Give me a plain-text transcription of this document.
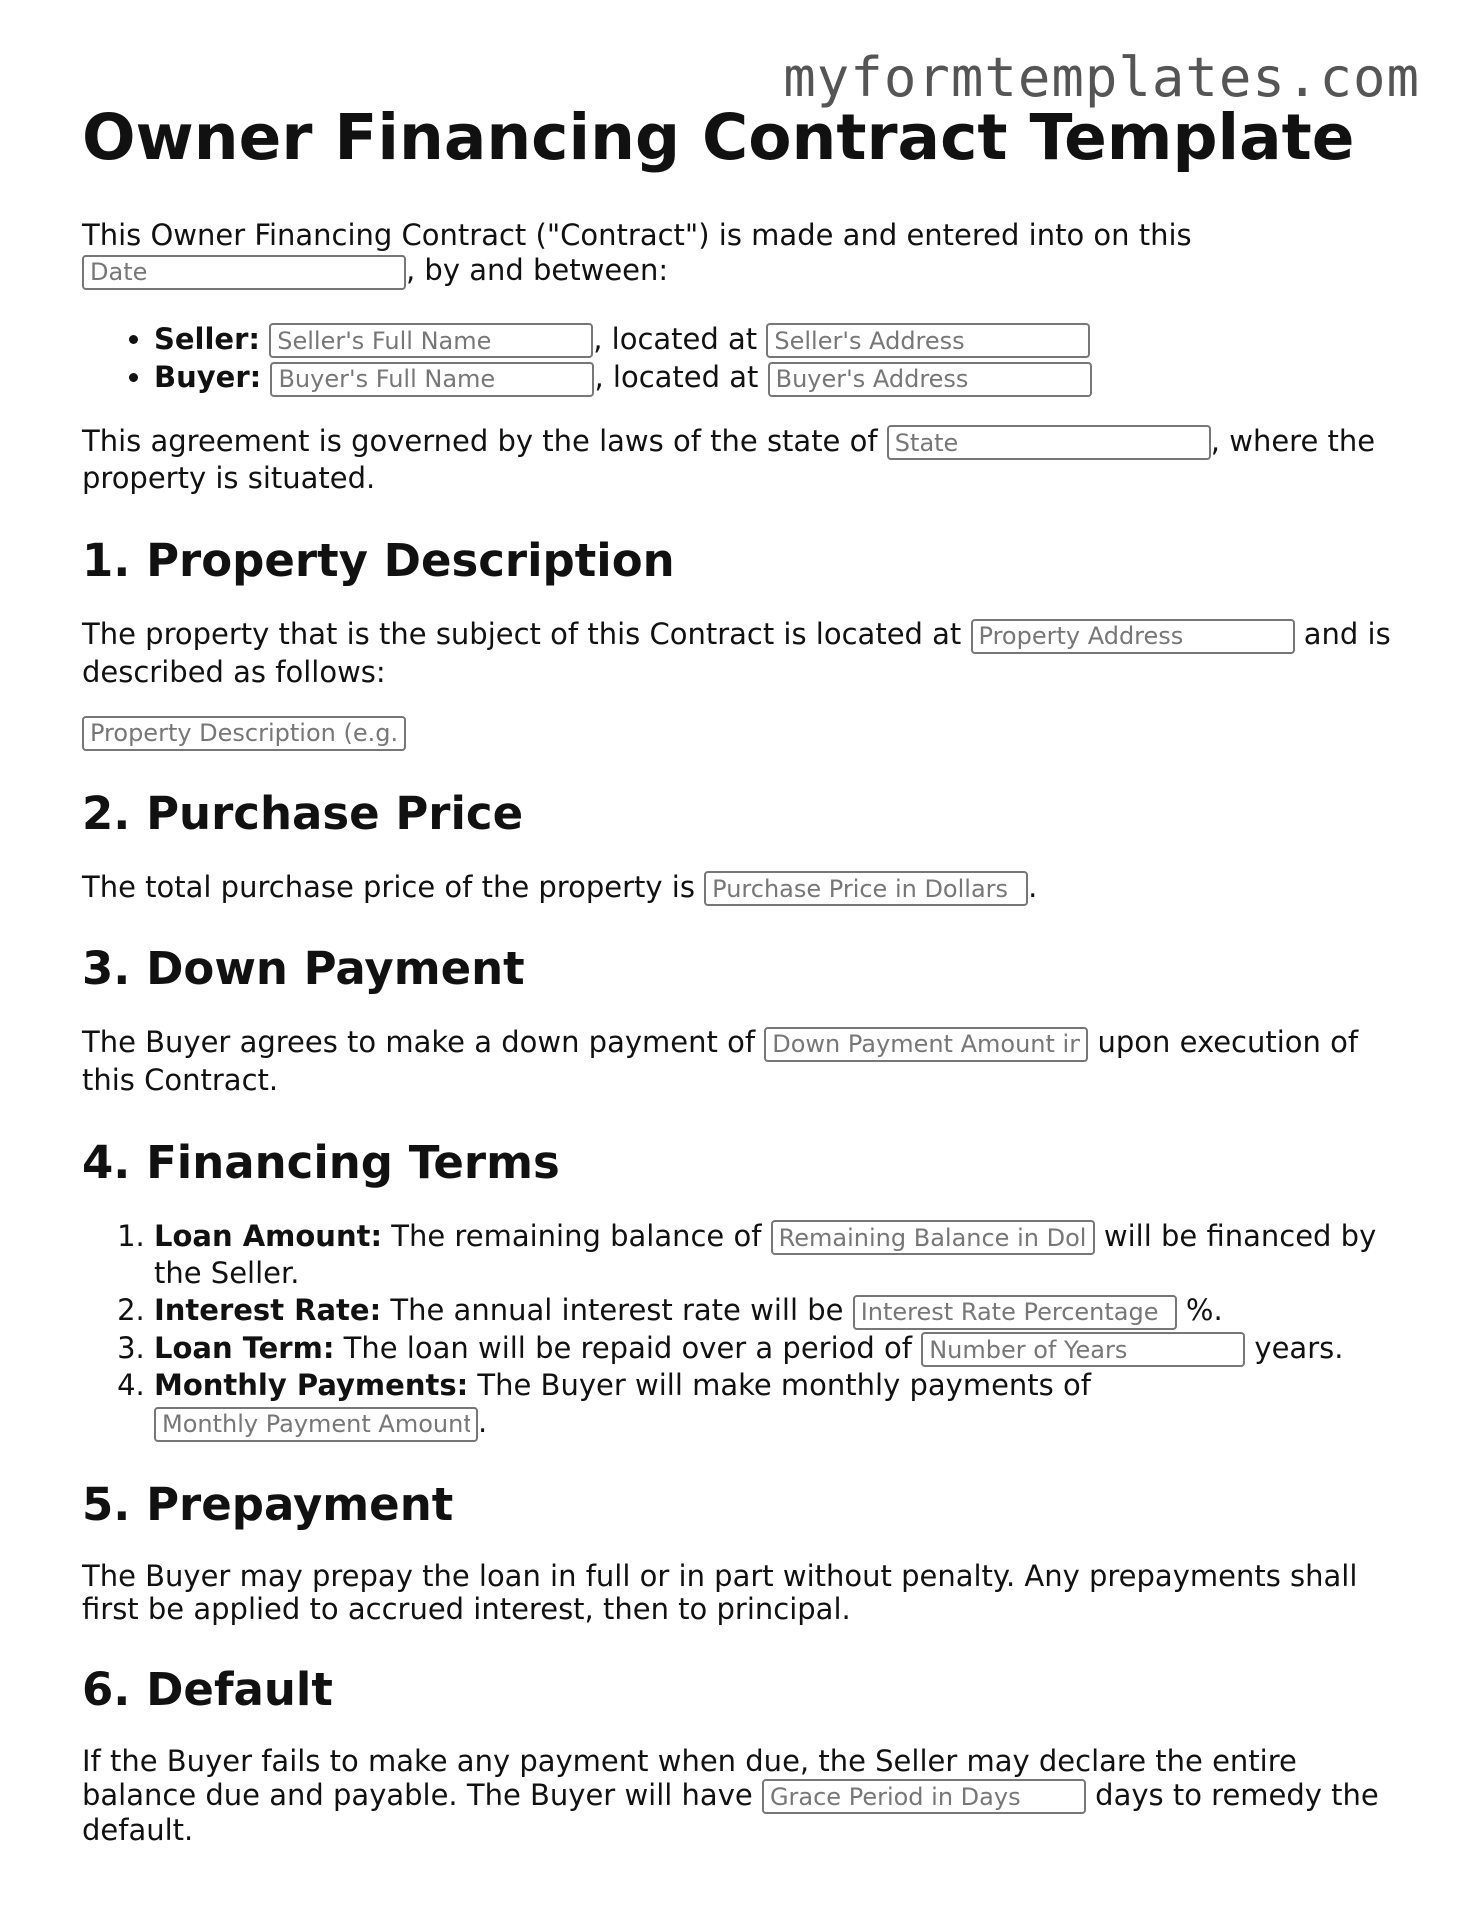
myformtemplates.com
Owner Financing Contract Template

This Owner Financing Contract ("Contract") is made and entered into on this Date, by and between:

• Seller: Seller's Full Name	, located at Seller's Address
• Buyer: Buyer's Full Name	, located at Buyer's Address

This agreement is governed by the laws of the state of State	, where the property is situated.

1. Property Description

The property that is the subject of this Contract is located at Property Address	and is described as follows:

Property Description (e.g., legal description)
2. Purchase Price

The total purchase price of the property is Purchase Price in Dollars	.

3. Down Payment

The Buyer agrees to make a down payment of Down Payment Amount in Dollars	upon execution of this Contract.

4. Financing Terms
1. Loan Amount: The remaining balance of Remaining Balance in Dollars	will be financed by the Seller.
2. Interest Rate: The annual interest rate will be Interest Rate Percentage	%.
3. Loan Term: The loan will be repaid over a period of Number of Years	years.
4. Monthly Payments: The Buyer will make monthly payments of Monthly Payment Amount.
5. Prepayment

The Buyer may prepay the loan in full or in part without penalty. Any prepayments shall first be applied to accrued interest, then to principal.

6. Default

If the Buyer fails to make any payment when due, the Seller may declare the entire balance due and payable. The Buyer will have Grace Period in Days	days to remedy the default.
